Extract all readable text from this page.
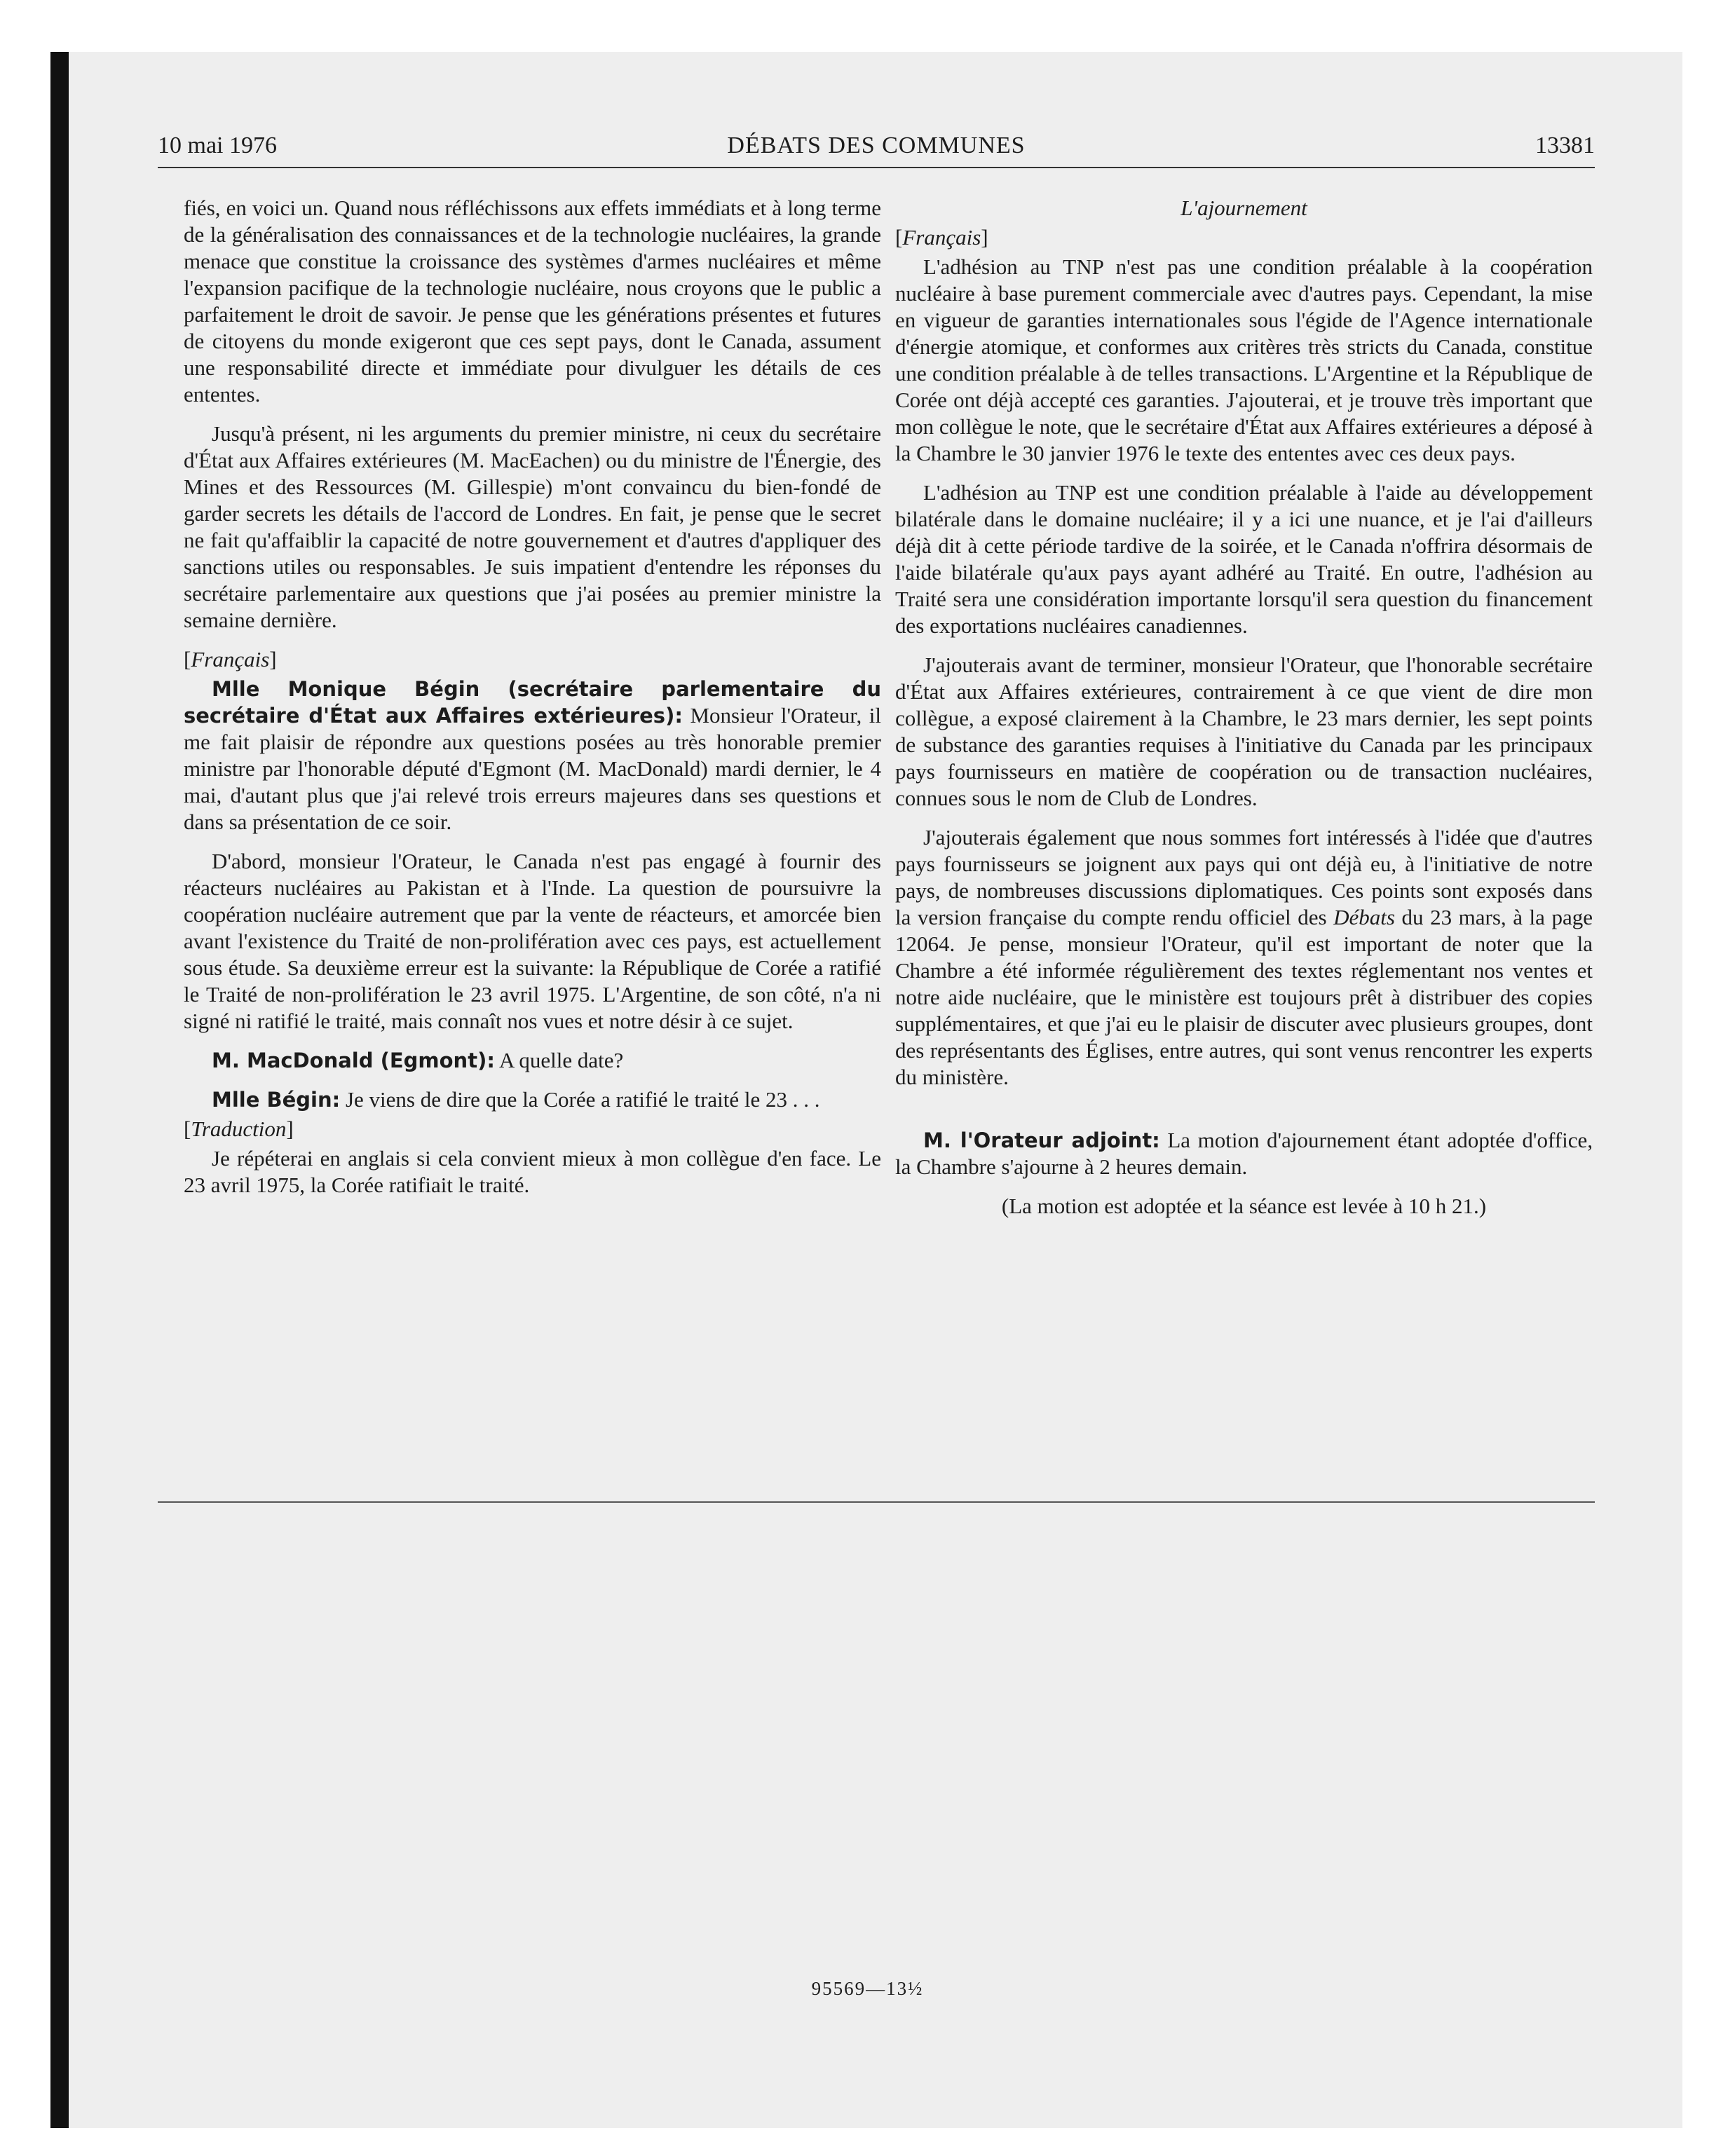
10 mai 1976	DÉBATS DES COMMUNES	13381

fiés, en voici un. Quand nous réfléchissons aux effets immédiats et à long terme de la généralisation des connaissances et de la technologie nucléaires, la grande menace que constitue la croissance des systèmes d'armes nucléaires et même l'expansion pacifique de la technologie nucléaire, nous croyons que le public a parfaitement le droit de savoir. Je pense que les générations présentes et futures de citoyens du monde exigeront que ces sept pays, dont le Canada, assument une responsabilité directe et immédiate pour divulguer les détails de ces ententes.

Jusqu'à présent, ni les arguments du premier ministre, ni ceux du secrétaire d'État aux Affaires extérieures (M. MacEachen) ou du ministre de l'Énergie, des Mines et des Ressources (M. Gillespie) m'ont convaincu du bien-fondé de garder secrets les détails de l'accord de Londres. En fait, je pense que le secret ne fait qu'affaiblir la capacité de notre gouvernement et d'autres d'appliquer des sanctions utiles ou responsables. Je suis impatient d'entendre les réponses du secrétaire parlementaire aux questions que j'ai posées au premier ministre la semaine dernière.

[ Français ]

Mlle Monique Bégin (secrétaire parlementaire du secrétaire d'État aux Affaires extérieures): Monsieur l'Orateur, il me fait plaisir de répondre aux questions posées au très honorable premier ministre par l'honorable député d'Egmont (M. MacDonald) mardi dernier, le 4 mai, d'autant plus que j'ai relevé trois erreurs majeures dans ses questions et dans sa présentation de ce soir.

D'abord, monsieur l'Orateur, le Canada n'est pas engagé à fournir des réacteurs nucléaires au Pakistan et à l'Inde. La question de poursuivre la coopération nucléaire autrement que par la vente de réacteurs, et amorcée bien avant l'existence du Traité de non-prolifération avec ces pays, est actuellement sous étude. Sa deuxième erreur est la suivante: la République de Corée a ratifié le Traité de non-prolifération le 23 avril 1975. L'Argentine, de son côté, n'a ni signé ni ratifié le traité, mais connaît nos vues et notre désir à ce sujet.

M. MacDonald (Egmont): A quelle date?

Mlle Bégin: Je viens de dire que la Corée a ratifié le traité le 23 . . .

[ Traduction ]

Je répéterai en anglais si cela convient mieux à mon collègue d'en face. Le 23 avril 1975, la Corée ratifiait le traité.

L'ajournement
[ Français ]

L'adhésion au TNP n'est pas une condition préalable à la coopération nucléaire à base purement commerciale avec d'autres pays. Cependant, la mise en vigueur de garanties internationales sous l'égide de l'Agence internationale d'énergie atomique, et conformes aux critères très stricts du Canada, constitue une condition préalable à de telles transactions. L'Argentine et la République de Corée ont déjà accepté ces garanties. J'ajouterai, et je trouve très important que mon collègue le note, que le secrétaire d'État aux Affaires extérieures a déposé à la Chambre le 30 janvier 1976 le texte des ententes avec ces deux pays.

L'adhésion au TNP est une condition préalable à l'aide au développement bilatérale dans le domaine nucléaire; il y a ici une nuance, et je l'ai d'ailleurs déjà dit à cette période tardive de la soirée, et le Canada n'offrira désormais de l'aide bilatérale qu'aux pays ayant adhéré au Traité. En outre, l'adhésion au Traité sera une considération importante lorsqu'il sera question du financement des exportations nucléaires canadiennes.

J'ajouterais avant de terminer, monsieur l'Orateur, que l'honorable secrétaire d'État aux Affaires extérieures, contrairement à ce que vient de dire mon collègue, a exposé clairement à la Chambre, le 23 mars dernier, les sept points de substance des garanties requises à l'initiative du Canada par les principaux pays fournisseurs en matière de coopération ou de transaction nucléaires, connues sous le nom de Club de Londres.

J'ajouterais également que nous sommes fort intéressés à l'idée que d'autres pays fournisseurs se joignent aux pays qui ont déjà eu, à l'initiative de notre pays, de nombreuses discussions diplomatiques. Ces points sont exposés dans la version française du compte rendu officiel des Débats du 23 mars, à la page 12064. Je pense, monsieur l'Orateur, qu'il est important de noter que la Chambre a été informée régulièrement des textes réglementant nos ventes et notre aide nucléaire, que le ministère est toujours prêt à distribuer des copies supplémentaires, et que j'ai eu le plaisir de discuter avec plusieurs groupes, dont des représentants des Églises, entre autres, qui sont venus rencontrer les experts du ministère.

M. l'Orateur adjoint: La motion d'ajournement étant adoptée d'office, la Chambre s'ajourne à 2 heures demain.

(La motion est adoptée et la séance est levée à 10 h 21.)

95569—13½
